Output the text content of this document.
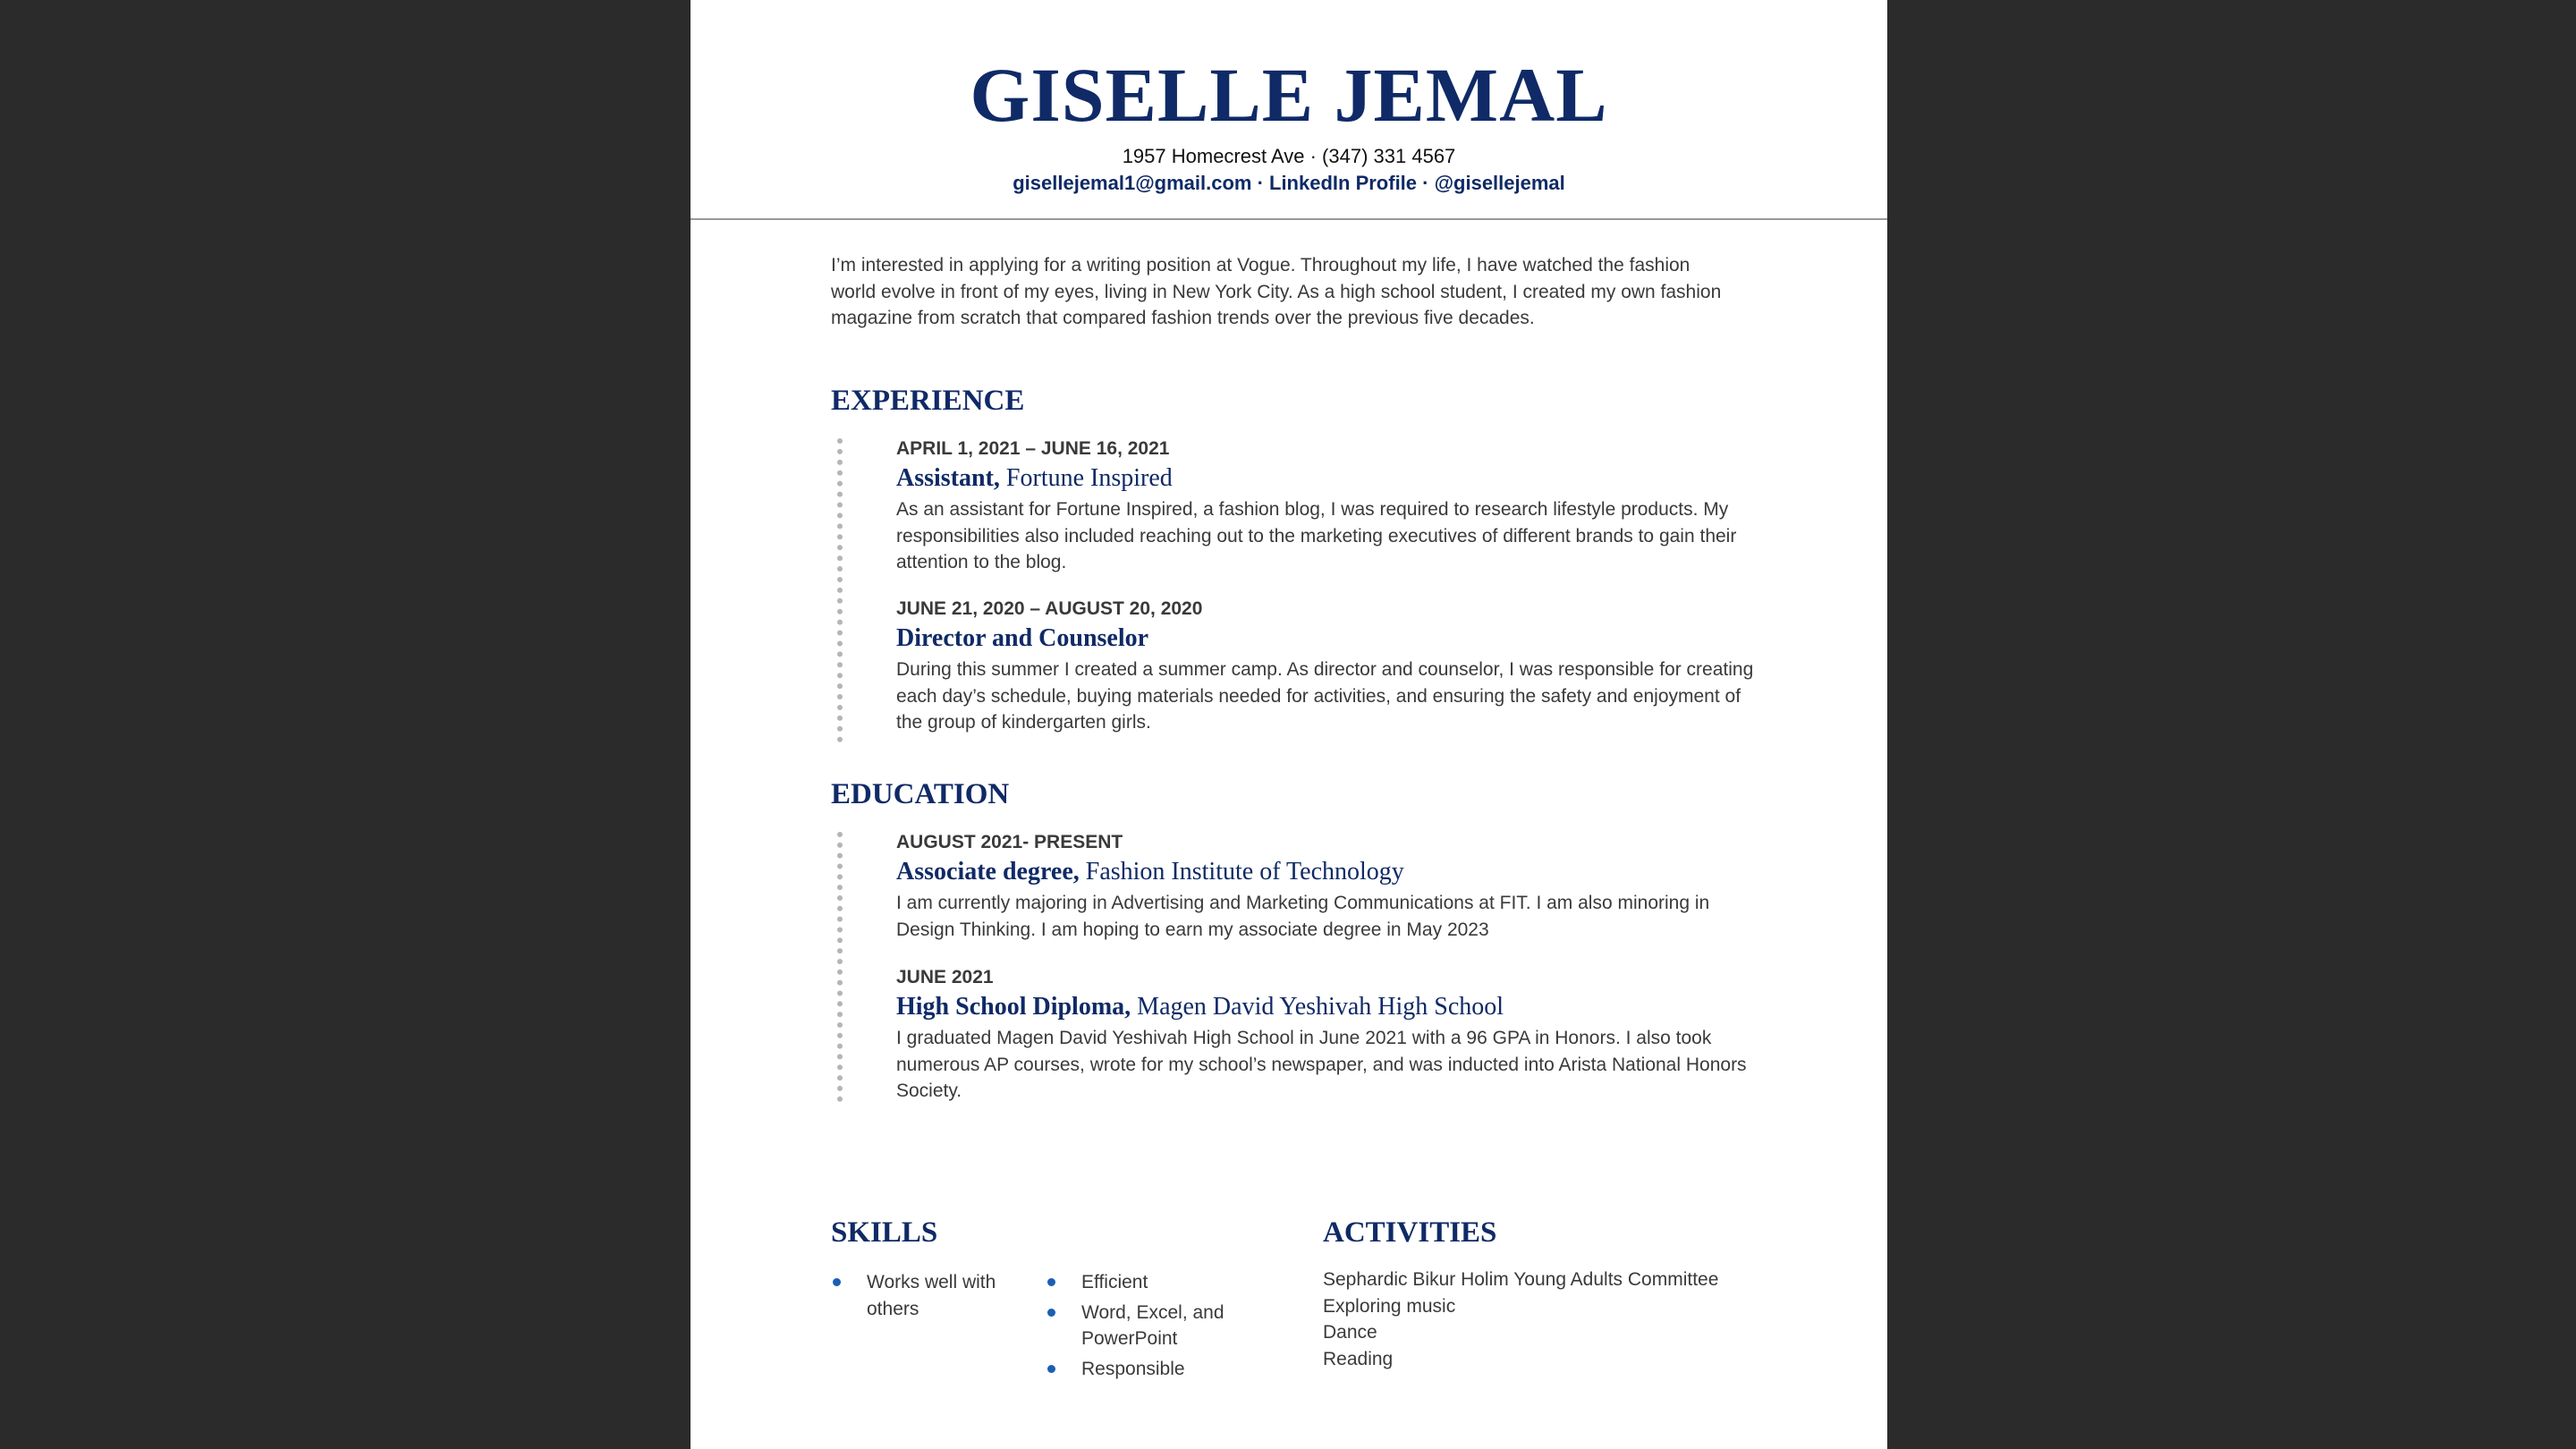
GISELLE JEMAL
1957 Homecrest Ave · (347) 331 4567
gisellejemal1@gmail.com · LinkedIn Profile · @gisellejemal
I’m interested in applying for a writing position at Vogue. Throughout my life, I have watched the fashion world evolve in front of my eyes, living in New York City. As a high school student, I created my own fashion magazine from scratch that compared fashion trends over the previous five decades.
EXPERIENCE
APRIL 1, 2021 – JUNE 16, 2021
Assistant, Fortune Inspired
As an assistant for Fortune Inspired, a fashion blog, I was required to research lifestyle products. My responsibilities also included reaching out to the marketing executives of different brands to gain their attention to the blog.
JUNE 21, 2020 – AUGUST 20, 2020
Director and Counselor
During this summer I created a summer camp. As director and counselor, I was responsible for creating each day’s schedule, buying materials needed for activities, and ensuring the safety and enjoyment of the group of kindergarten girls.
EDUCATION
AUGUST 2021- PRESENT
Associate degree, Fashion Institute of Technology
I am currently majoring in Advertising and Marketing Communications at FIT. I am also minoring in Design Thinking. I am hoping to earn my associate degree in May 2023
JUNE 2021
High School Diploma, Magen David Yeshivah High School
I graduated Magen David Yeshivah High School in June 2021 with a 96 GPA in Honors. I also took numerous AP courses, wrote for my school’s newspaper, and was inducted into Arista National Honors Society.
SKILLS
Works well with others
Efficient
Word, Excel, and PowerPoint
Responsible
ACTIVITIES
Sephardic Bikur Holim Young Adults Committee
Exploring music
Dance
Reading
